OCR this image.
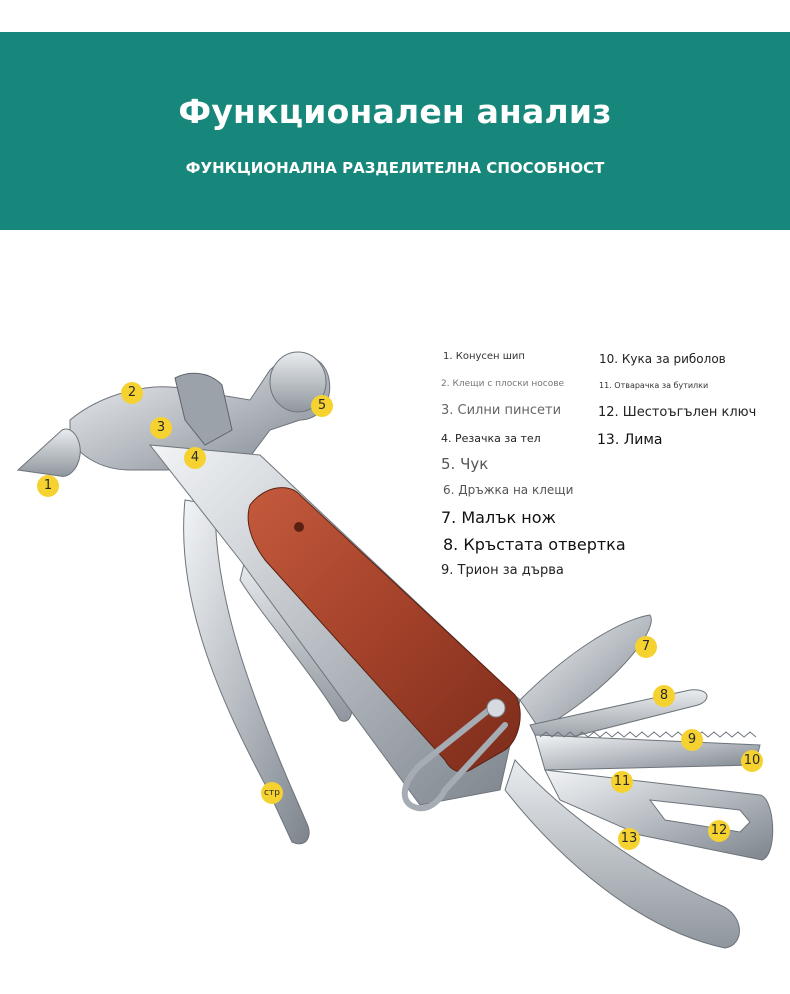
Функционален анализ
ФУНКЦИОНАЛНА РАЗДЕЛИТЕЛНА СПОСОБНОСТ
1. Конусен шип
2. Клещи с плоски носове
3. Силни пинсети
4. Резачка за тел
5. Чук
6. Дръжка на клещи
7. Малък нож
8. Кръстата отвертка
9. Трион за дърва
10. Кука за риболов
11. Отварачка за бутилки
12. Шестоъгълен ключ
13. Лима
1
2
3
4
5
стр
7
8
9
10
11
12
13
